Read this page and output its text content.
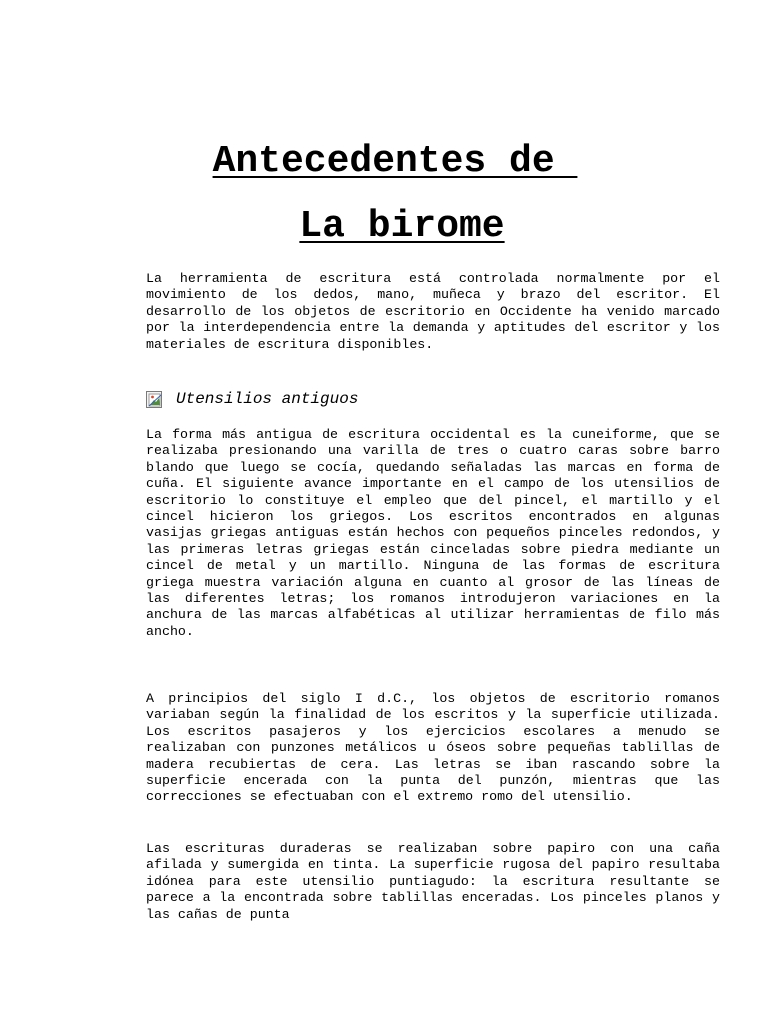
Antecedentes de
La birome

La herramienta de escritura está controlada normalmente por el movimiento de los dedos, mano, muñeca y brazo del escritor. El desarrollo de los objetos de escritorio en Occidente ha venido marcado por la interdependencia entre la demanda y aptitudes del escritor y los materiales de escritura disponibles.

Utensilios antiguos

La forma más antigua de escritura occidental es la cuneiforme, que se realizaba presionando una varilla de tres o cuatro caras sobre barro blando que luego se cocía, quedando señaladas las marcas en forma de cuña. El siguiente avance importante en el campo de los utensilios de escritorio lo constituye el empleo que del pincel, el martillo y el cincel hicieron los griegos. Los escritos encontrados en algunas vasijas griegas antiguas están hechos con pequeños pinceles redondos, y las primeras letras griegas están cinceladas sobre piedra mediante un cincel de metal y un martillo. Ninguna de las formas de escritura griega muestra variación alguna en cuanto al grosor de las líneas de las diferentes letras; los romanos introdujeron variaciones en la anchura de las marcas alfabéticas al utilizar herramientas de filo más ancho.

A principios del siglo I d.C., los objetos de escritorio romanos variaban según la finalidad de los escritos y la superficie utilizada. Los escritos pasajeros y los ejercicios escolares a menudo se realizaban con punzones metálicos u óseos sobre pequeñas tablillas de madera recubiertas de cera. Las letras se iban rascando sobre la superficie encerada con la punta del punzón, mientras que las correcciones se efectuaban con el extremo romo del utensilio.

Las escrituras duraderas se realizaban sobre papiro con una caña afilada y sumergida en tinta. La superficie rugosa del papiro resultaba idónea para este utensilio puntiagudo: la escritura resultante se parece a la encontrada sobre tablillas enceradas. Los pinceles planos y las cañas de punta
